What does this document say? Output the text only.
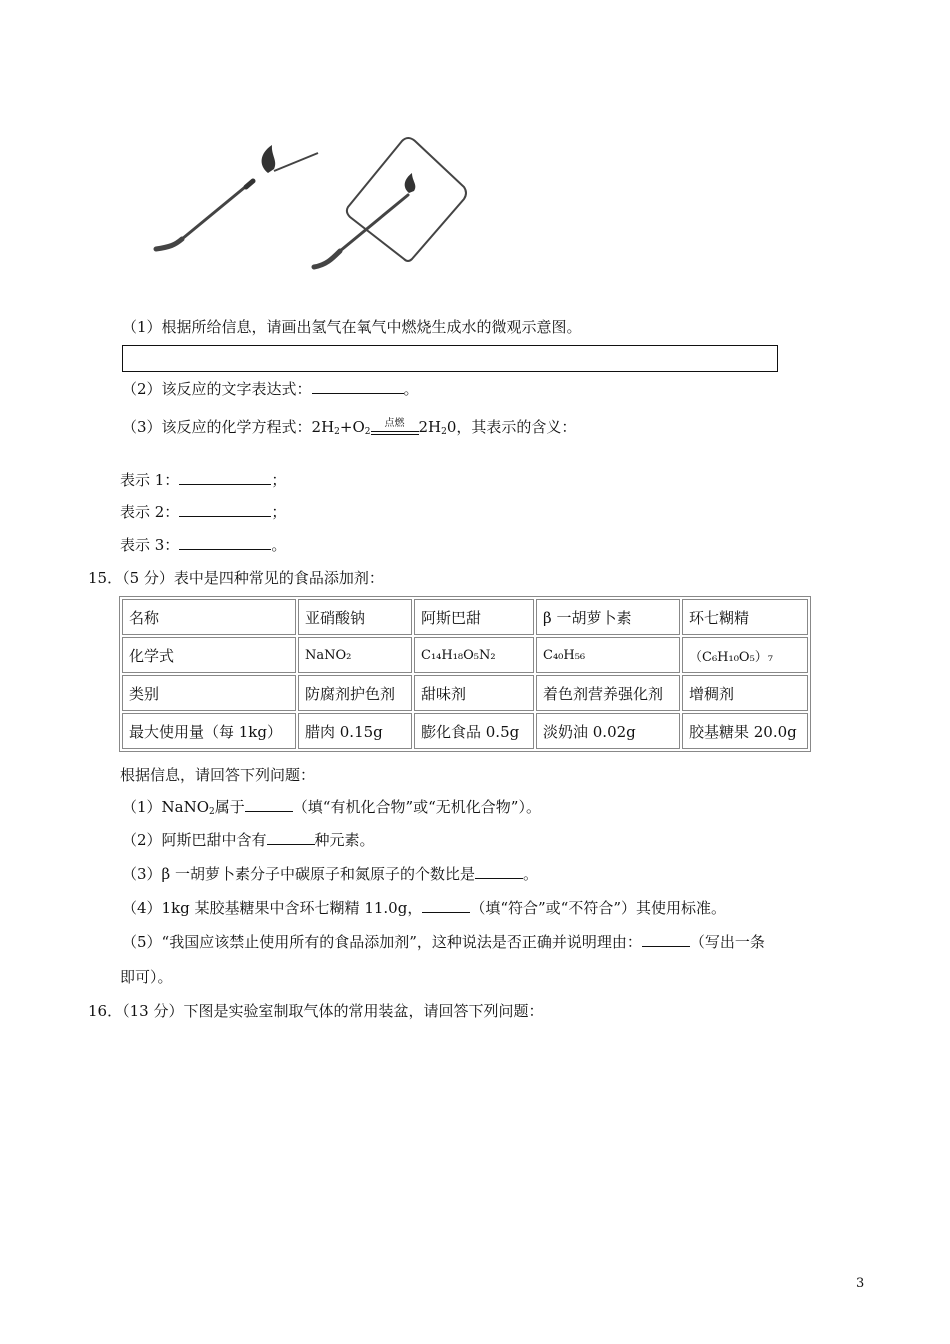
（1）根据所给信息，请画出氢气在氧气中燃烧生成水的微观示意图。
（2）该反应的文字表达式：	。
（3）该反应的化学方程式：$2H_2+O_2$
点燃 $2H_20$，其表示的含义：
表示 1：	；
表示 2：	；
表示 3：	。
15．（5 分）表中是四种常见的食品添加剂：
名称	亚硝酸钠	阿斯巴甜	β 一胡萝卜素	环七糊精
化学式	NaNO₂	C₁₄H₁₈O₅N₂	C₄₀H₅₆	（C₆H₁₀O₅）₇
类别	防腐剂护色剂	甜味剂	着色剂营养强化剂	增稠剂
最大使用量（每 1kg）	腊肉 0.15g	膨化食品 0.5g	淡奶油 0.02g	胶基糖果 20.0g
根据信息，请回答下列问题：
（1）NaNO$_2$属于	（填“有机化合物”或“无机化合物”）。
（2）阿斯巴甜中含有	种元素。
（3）β 一胡萝卜素分子中碳原子和氮原子的个数比是	。
（4）1kg 某胶基糖果中含环七糊精 11.0g，	（填“符合”或“不符合”）其使用标准。
（5）“我国应该禁止使用所有的食品添加剂”，这种说法是否正确并说明理由：	（写出一条
即可）。
16．（13 分）下图是实验室制取气体的常用装盆，请回答下列问题：
3
